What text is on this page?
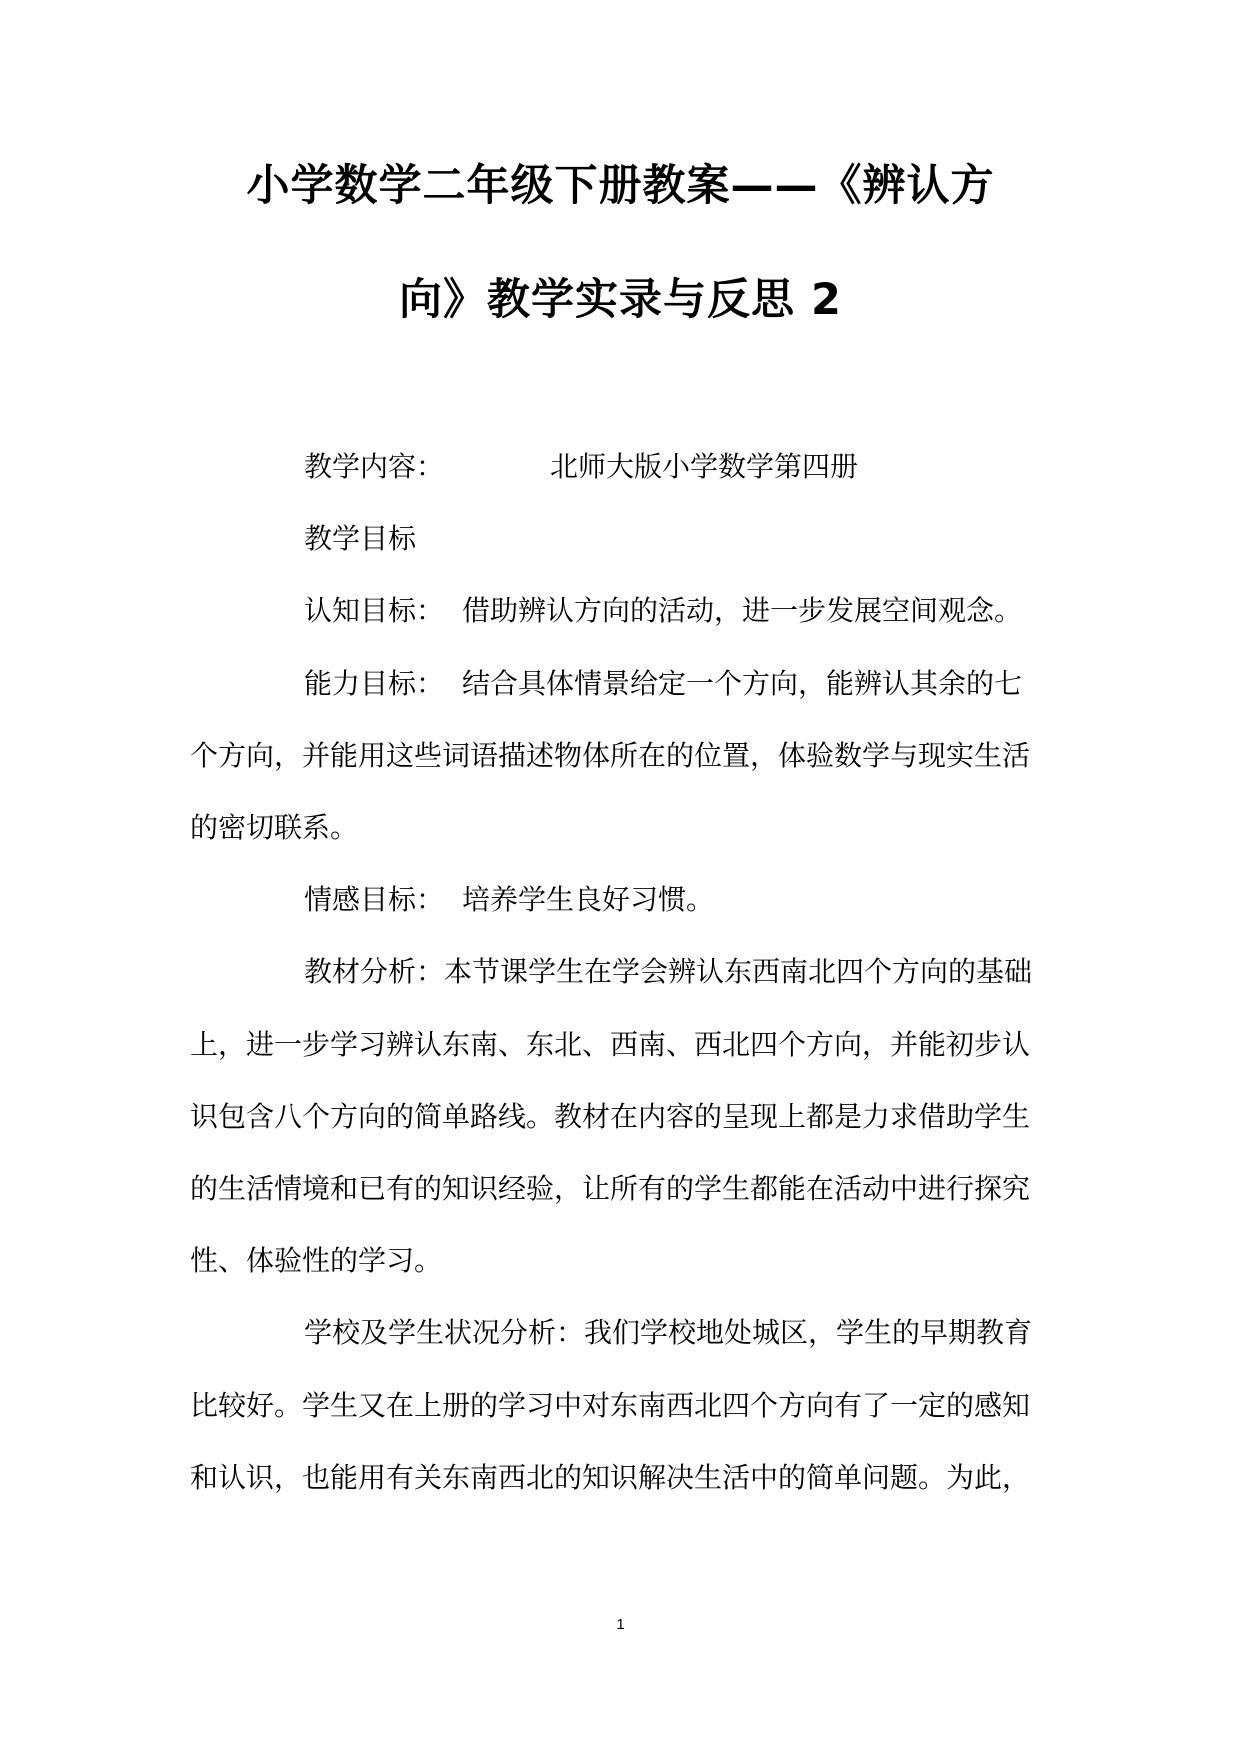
小学数学二年级下册教案——《辨认方
向》教学实录与反思 2
教学内容：	北师大版小学数学第四册
教学目标
认知目标： 借助辨认方向的活动，进一步发展空间观念。
能力目标： 结合具体情景给定一个方向，能辨认其余的七
个方向，并能用这些词语描述物体所在的位置，体验数学与现实生活
的密切联系。
情感目标： 培养学生良好习惯。
教材分析：本节课学生在学会辨认东西南北四个方向的基础
上，进一步学习辨认东南、东北、西南、西北四个方向，并能初步认
识包含八个方向的简单路线。教材在内容的呈现上都是力求借助学生
的生活情境和已有的知识经验，让所有的学生都能在活动中进行探究
性、体验性的学习。
学校及学生状况分析：我们学校地处城区，学生的早期教育
比较好。学生又在上册的学习中对东南西北四个方向有了一定的感知
和认识，也能用有关东南西北的知识解决生活中的简单问题。为此，
1
